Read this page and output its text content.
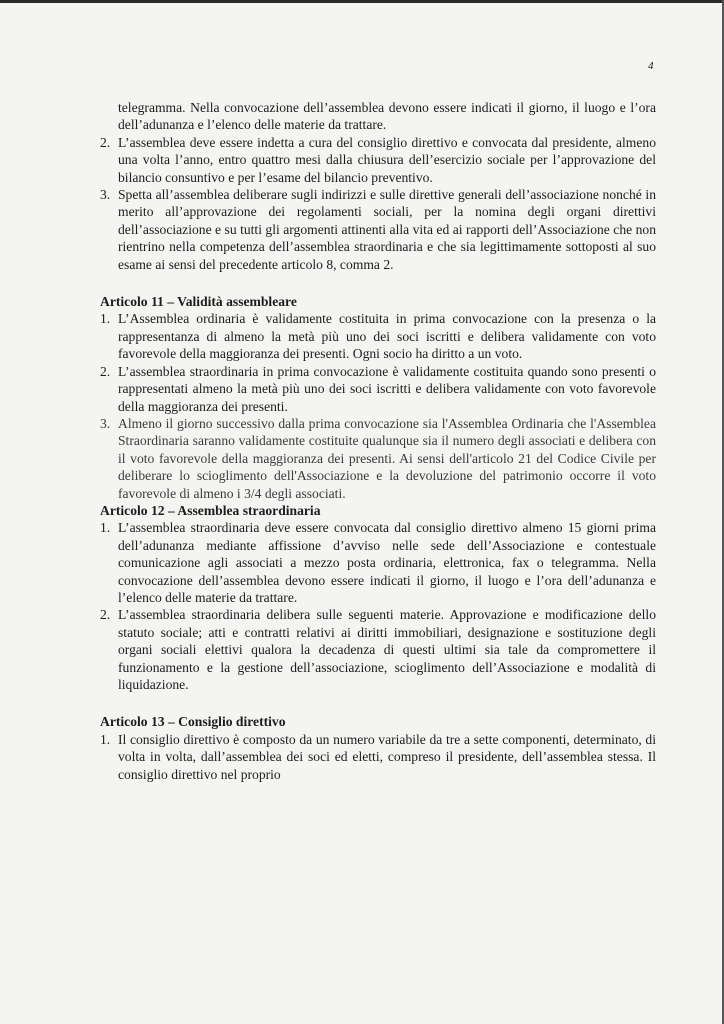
4

telegramma. Nella convocazione dell’assemblea devono essere indicati il giorno, il luogo e l’ora dell’adunanza e l’elenco delle materie da trattare.

2. L’assemblea deve essere indetta a cura del consiglio direttivo e convocata dal presidente, almeno una volta l’anno, entro quattro mesi dalla chiusura dell’esercizio sociale per l’approvazione del bilancio consuntivo e per l’esame del bilancio preventivo.
3. Spetta all’assemblea deliberare sugli indirizzi e sulle direttive generali dell’associazione nonché in merito all’approvazione dei regolamenti sociali, per la nomina degli organi direttivi dell’associazione e su tutti gli argomenti attinenti alla vita ed ai rapporti dell’Associazione che non rientrino nella competenza dell’assemblea straordinaria e che sia legittimamente sottoposti al suo esame ai sensi del precedente articolo 8, comma 2.

Articolo 11 – Validità assembleare

1. L’Assemblea ordinaria è validamente costituita in prima convocazione con la presenza o la rappresentanza di almeno la metà più uno dei soci iscritti e delibera validamente con voto favorevole della maggioranza dei presenti. Ogni socio ha diritto a un voto.
2. L’assemblea straordinaria in prima convocazione è validamente costituita quando sono presenti o rappresentati almeno la metà più uno dei soci iscritti e delibera validamente con voto favorevole della maggioranza dei presenti.
3. Almeno il giorno successivo dalla prima convocazione sia l'Assemblea Ordinaria che l'Assemblea Straordinaria saranno validamente costituite qualunque sia il numero degli associati e delibera con il voto favorevole della maggioranza dei presenti. Ai sensi dell'articolo 21 del Codice Civile per deliberare lo scioglimento dell'Associazione e la devoluzione del patrimonio occorre il voto favorevole di almeno i 3/4 degli associati.

Articolo 12 – Assemblea straordinaria

1. L’assemblea straordinaria deve essere convocata dal consiglio direttivo almeno 15 giorni prima dell’adunanza mediante affissione d’avviso nelle sede dell’Associazione e contestuale comunicazione agli associati a mezzo posta ordinaria, elettronica, fax o telegramma. Nella convocazione dell’assemblea devono essere indicati il giorno, il luogo e l’ora dell’adunanza e l’elenco delle materie da trattare.
2. L’assemblea straordinaria delibera sulle seguenti materie. Approvazione e modificazione dello statuto sociale; atti e contratti relativi ai diritti immobiliari, designazione e sostituzione degli organi sociali elettivi qualora la decadenza di questi ultimi sia tale da compromettere il funzionamento e la gestione dell’associazione, scioglimento dell’Associazione e modalità di liquidazione.

Articolo 13 – Consiglio direttivo

1. Il consiglio direttivo è composto da un numero variabile da tre a sette componenti, determinato, di volta in volta, dall’assemblea dei soci ed eletti, compreso il presidente, dell’assemblea stessa. Il consiglio direttivo nel proprio
